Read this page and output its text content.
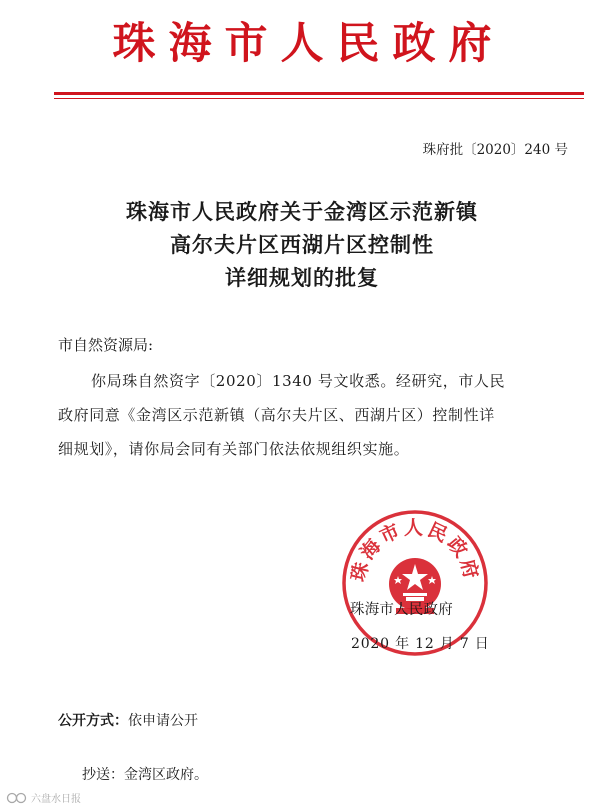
珠海市人民政府
珠府批〔2020〕240 号
珠海市人民政府关于金湾区示范新镇
高尔夫片区西湖片区控制性
详细规划的批复
市自然资源局:
你局珠自然资字〔2020〕1340 号文收悉。经研究，市人民
政府同意《金湾区示范新镇（高尔夫片区、西湖片区）控制性详
细规划》，请你局会同有关部门依法依规组织实施。
珠海市人民政府
珠海市人民政府
2020 年 12 月 7 日
公开方式：依申请公开
抄送：金湾区政府。
六盘水日报
